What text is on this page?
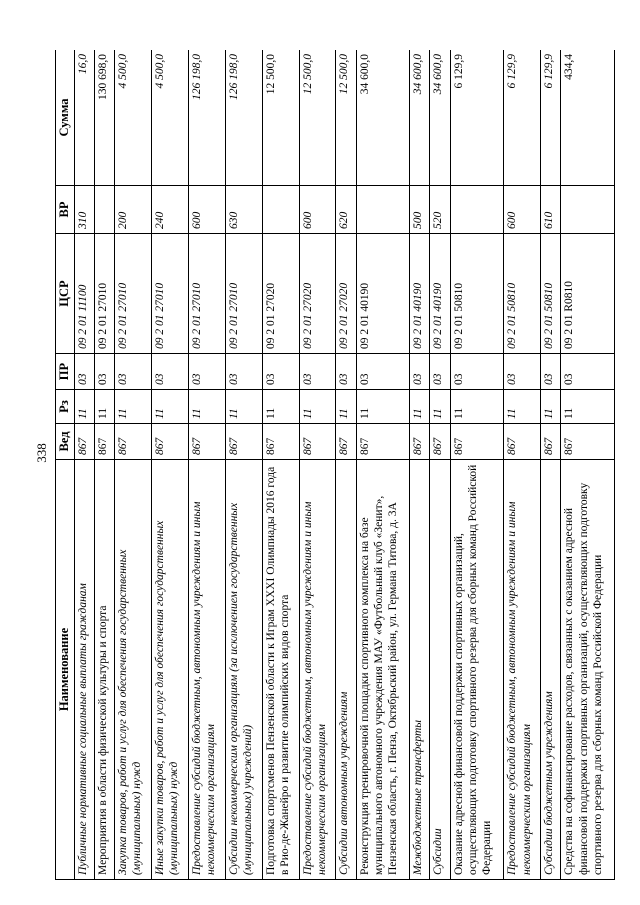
338
Наименование	Вед	Рз	ПР	ЦСР	ВР	Сумма
Публичные нормативные социальные выплаты гражданам	867	11	03	09 2 01 11100	310	16,0
Мероприятия в области физической культуры и спорта	867	11	03	09 2 01 27010		130 698,0
Закупка товаров, работ и услуг для обеспечения государственных (муниципальных) нужд	867	11	03	09 2 01 27010	200	4 500,0
Иные закупки товаров, работ и услуг для обеспечения государственных (муниципальных) нужд	867	11	03	09 2 01 27010	240	4 500,0
Предоставление субсидий бюджетным, автономным учреждениям и иным некоммерческим организациям	867	11	03	09 2 01 27010	600	126 198,0
Субсидии некоммерческим организациям (за исключением государственных (муниципальных) учреждений)	867	11	03	09 2 01 27010	630	126 198,0
Подготовка спортсменов Пензенской области к Играм XXXI Олимпиады 2016 года в Рио-де-Жанейро и развитие олимпийских видов спорта	867	11	03	09 2 01 27020		12 500,0
Предоставление субсидий бюджетным, автономным учреждениям и иным некоммерческим организациям	867	11	03	09 2 01 27020	600	12 500,0
Субсидии автономным учреждениям	867	11	03	09 2 01 27020	620	12 500,0
Реконструкция тренировочной площадки спортивного комплекса на базе муниципального автономного учреждения МАУ «Футбольный клуб «Зенит», Пензенская область, г. Пенза, Октябрьский район, ул. Германа Титова, д. 3А	867	11	03	09 2 01 40190		34 600,0
Межбюджетные трансферты	867	11	03	09 2 01 40190	500	34 600,0
Субсидии	867	11	03	09 2 01 40190	520	34 600,0
Оказание адресной финансовой поддержки спортивных организаций, осуществляющих подготовку спортивного резерва для сборных команд Российской Федерации	867	11	03	09 2 01 50810		6 129,9
Предоставление субсидий бюджетным, автономным учреждениям и иным некоммерческим организациям	867	11	03	09 2 01 50810	600	6 129,9
Субсидии бюджетным учреждениям	867	11	03	09 2 01 50810	610	6 129,9
Средства на софинансирование расходов, связанных с оказанием адресной финансовой поддержки спортивных организаций, осуществляющих подготовку спортивного резерва для сборных команд Российской Федерации	867	11	03	09 2 01 R0810		434,4
